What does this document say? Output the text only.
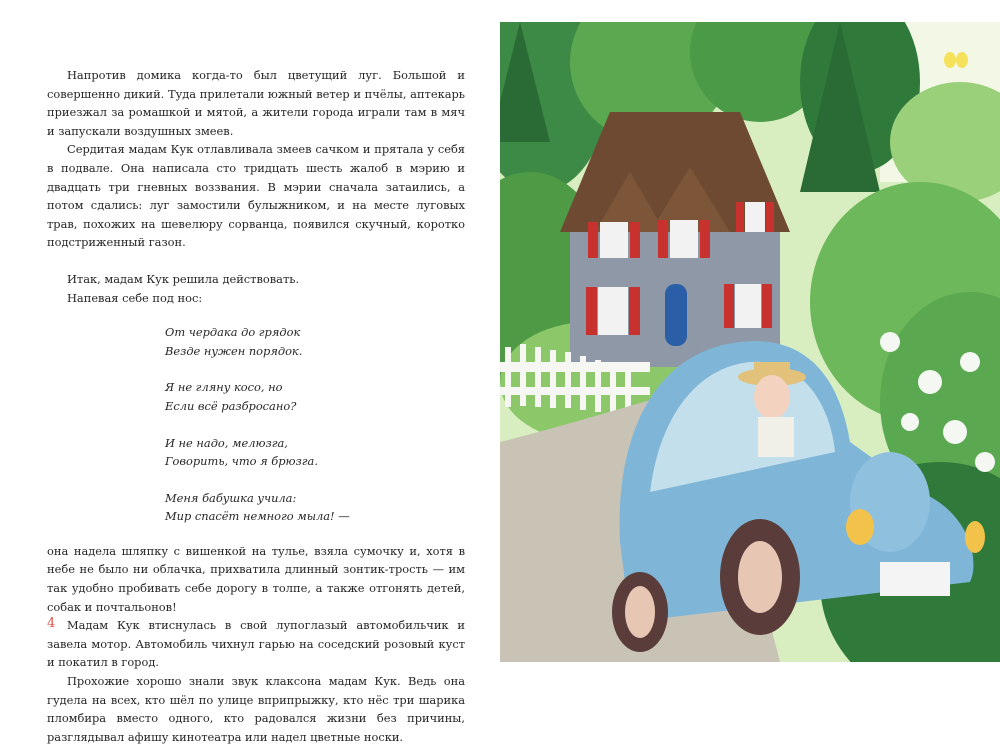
Напротив домика когда-то был цветущий луг. Большой и совершенно дикий. Туда прилетали южный ветер и пчёлы, аптекарь приезжал за ромашкой и мятой, а жители города играли там в мяч и запускали воздушных змеев.

Сердитая мадам Кук отлавливала змеев сачком и прятала у себя в подвале. Она написала сто тридцать шесть жалоб в мэрию и двадцать три гневных воззвания. В мэрии сначала затаились, а потом сдались: луг замостили булыжником, и на месте луговых трав, похожих на шевелюру сорванца, появился скучный, коротко подстриженный газон.

Итак, мадам Кук решила действовать.

Напевая себе под нос:

От чердака до грядок
Везде нужен порядок.
Я не гляну косо, но
Если всё разбросано?
И не надо, мелюзга,
Говорить, что я брюзга.
Меня бабушка учила:
Мир спасёт немного мыла! —

она надела шляпку с вишенкой на тулье, взяла сумочку и, хотя в небе не было ни облачка, прихватила длинный зонтик-трость — им так удобно пробивать себе дорогу в толпе, а также отгонять детей, собак и почтальонов!

Мадам Кук втиснулась в свой лупоглазый автомобильчик и завела мотор. Автомобиль чихнул гарью на соседский розовый куст и покатил в город.

Прохожие хорошо знали звук клаксона мадам Кук. Ведь она гудела на всех, кто шёл по улице вприпрыжку, кто нёс три шарика пломбира вместо одного, кто радовался жизни без причины, разглядывал афишу кинотеатра или надел цветные носки.

4
